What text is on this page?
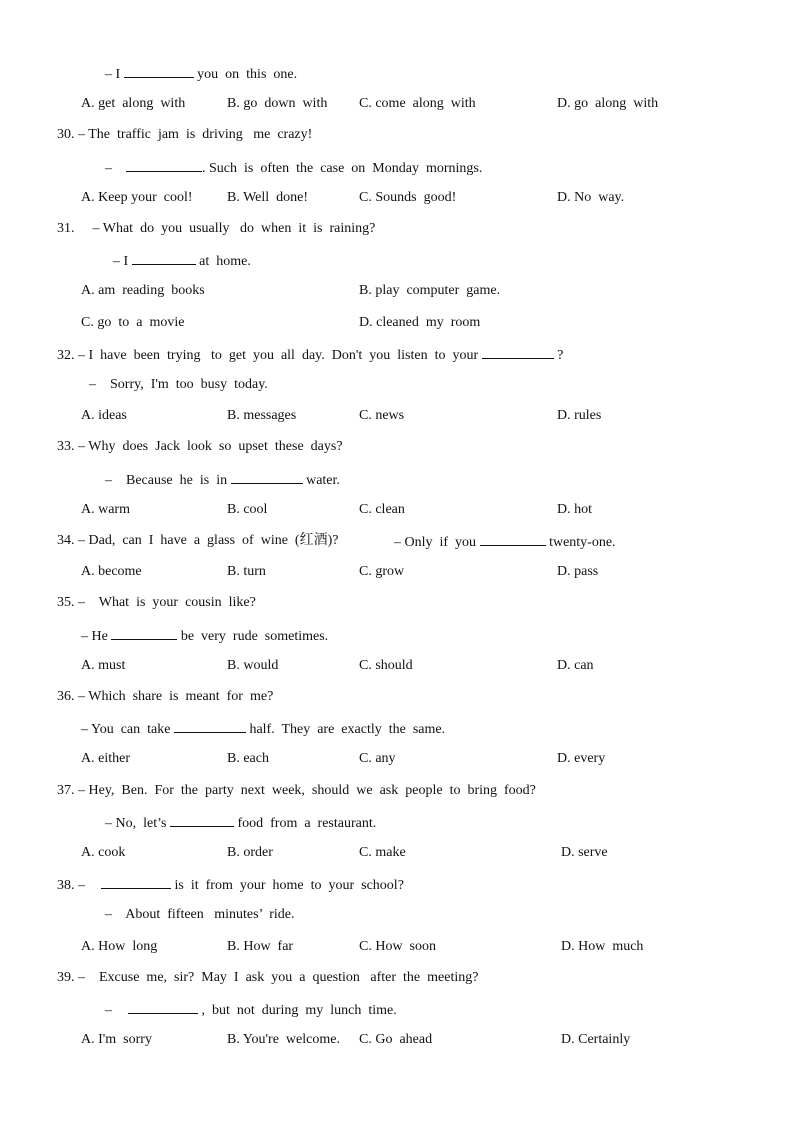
– I	you  on  this  one.
A. get  along  with	B. go  down  with C. come  along  with	D. go  along  with
30. – The  traffic  jam  is  driving   me  crazy!
–	. Such  is  often  the  case  on  Monday  mornings.
A. Keep your  cool! B. Well  done!	C. Sounds  good!	D. No  way.
31. – What  do  you  usually   do  when  it  is  raining?
– I	at  home.
A. am  reading  books	B. play  computer  game.
C. go  to  a  movie	D. cleaned  my  room
32. – I  have  been  trying   to  get  you  all  day.  Don't  you  listen  to  your	?
–    Sorry,  I'm  too  busy  today.
A. ideas	B. messages	C. news	D. rules
33. – Why  does  Jack  look  so  upset  these  days?
–    Because  he  is  in	water.
A. warm	B. cool	C. clean	D. hot
34. – Dad,  can  I  have  a  glass  of  wine  (红酒)?	– Only  if  you	twenty-one.
A. become	B. turn	C. grow	D. pass
35. –    What  is  your  cousin  like?
– He	be  very  rude  sometimes.
A. must	B. would	C. should	D. can
36. – Which  share  is  meant  for  me?
– You  can  take	half.  They  are  exactly  the  same.
A. either	B. each	C. any	D. every
37. – Hey,  Ben.  For  the  party  next  week,  should  we  ask  people  to  bring  food?
– No,  let’s	food  from  a  restaurant.
A. cook	B. order	C. make	D. serve
38. –	is  it  from  your  home  to  your  school?
–    About  fifteen   minutes’  ride.
A. How  long	B. How  far	C. How  soon	D. How  much
39. –    Excuse  me,  sir?  May  I  ask  you  a  question   after  the  meeting?
–	,  but  not  during  my  lunch  time.
A. I'm  sorry	B. You're  welcome. C. Go  ahead	D. Certainly
